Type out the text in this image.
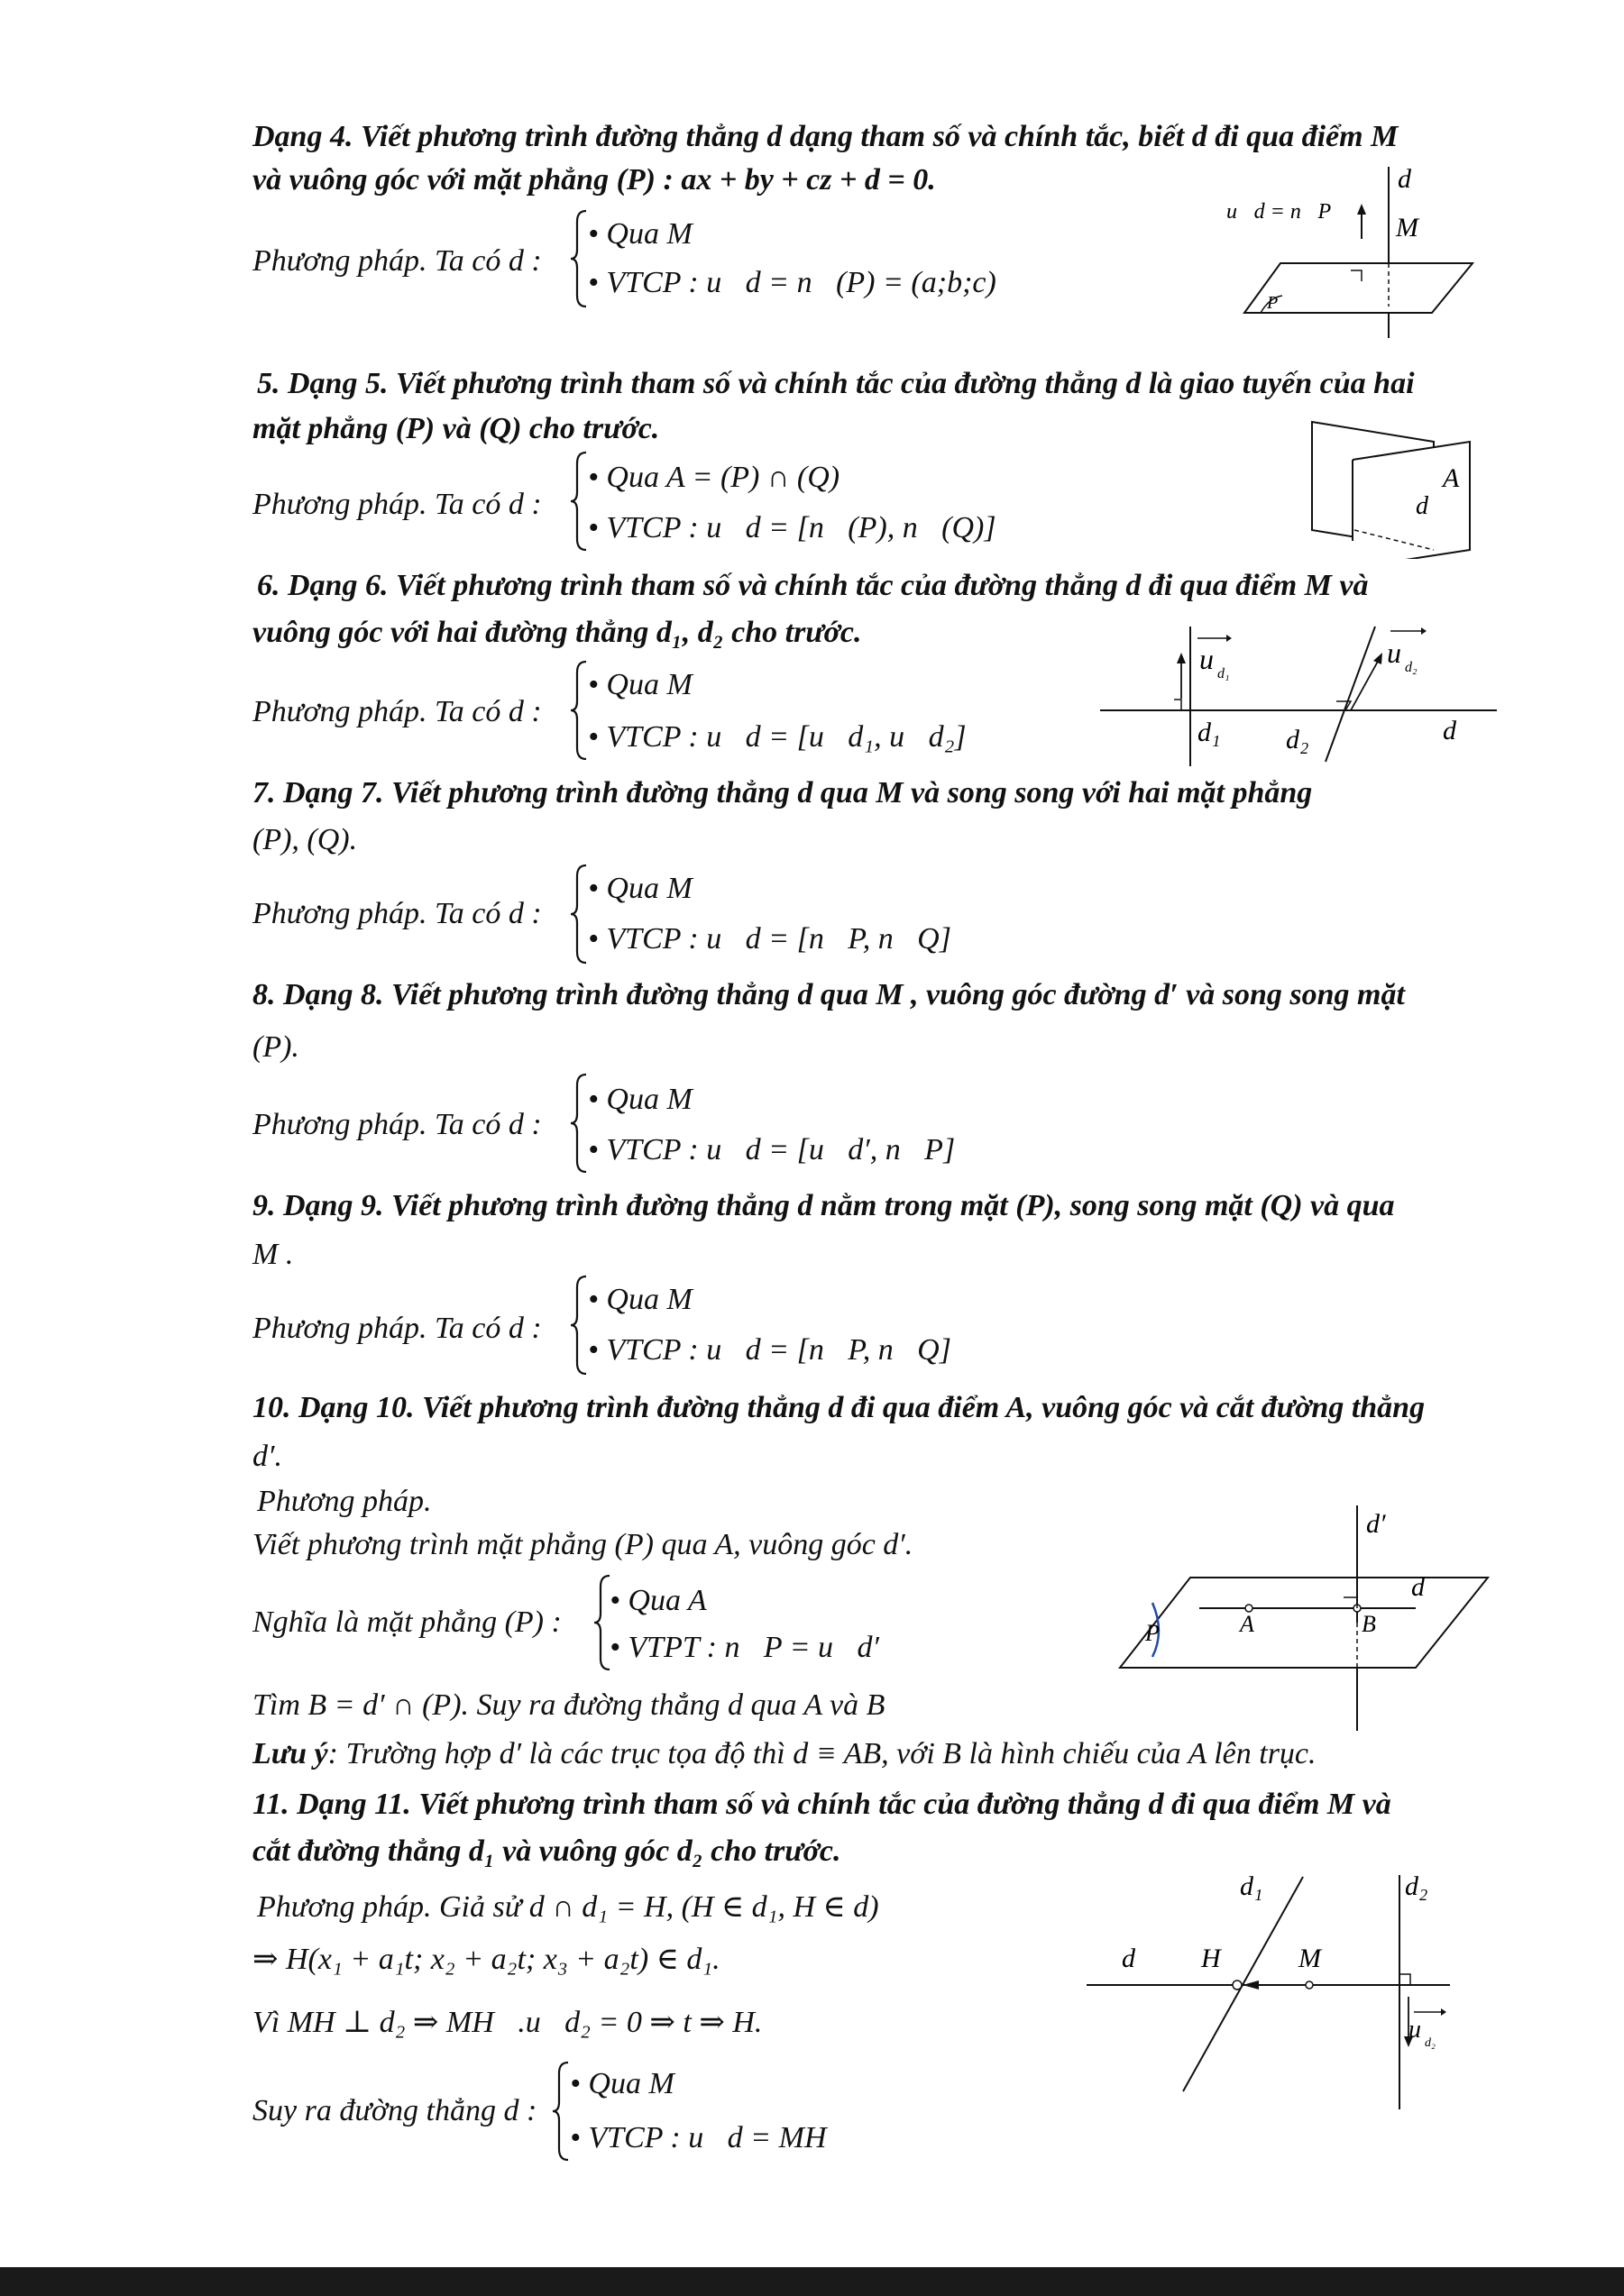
Dạng 4. Viết phương trình đường thẳng d dạng tham số và chính tắc, biết d đi qua điểm M
và vuông góc với mặt phẳng (P) : ax + by + cz + d = 0.
Phương pháp. Ta có d :
• Qua M
• VTCP : u⃗d = n⃗(P) = (a;b;c)
u⃗d = n⃗P
d
M
P
5. Dạng 5. Viết phương trình tham số và chính tắc của đường thẳng d là giao tuyến của hai
mặt phẳng (P) và (Q) cho trước.
Phương pháp. Ta có d :
• Qua A = (P) ∩ (Q)
• VTCP : u⃗d = [n⃗(P), n⃗(Q)]
A
d
6. Dạng 6. Viết phương trình tham số và chính tắc của đường thẳng d đi qua điểm M và
vuông góc với hai đường thẳng d₁, d₂ cho trước.
Phương pháp. Ta có d :
• Qua M
• VTCP : u⃗d = [u⃗d₁, u⃗d₂]
u d₁
u d₂
d₁ d₂	d
7. Dạng 7. Viết phương trình đường thẳng d qua M và song song với hai mặt phẳng
(P), (Q).
Phương pháp. Ta có d :
• Qua M
• VTCP : u⃗d = [n⃗P, n⃗Q]
8. Dạng 8. Viết phương trình đường thẳng d qua M , vuông góc đường d′ và song song mặt
(P).
Phương pháp. Ta có d :
• Qua M
• VTCP : u⃗d = [u⃗d′, n⃗P]
9. Dạng 9. Viết phương trình đường thẳng d nằm trong mặt (P), song song mặt (Q) và qua
M .
Phương pháp. Ta có d :
• Qua M
• VTCP : u⃗d = [n⃗P, n⃗Q]
10. Dạng 10. Viết phương trình đường thẳng d đi qua điểm A, vuông góc và cắt đường thẳng
d′.
Phương pháp.
Viết phương trình mặt phẳng (P) qua A, vuông góc d′.
Nghĩa là mặt phẳng (P) :
• Qua A
• VTPT : n⃗P = u⃗d′
Tìm B = d′ ∩ (P). Suy ra đường thẳng d qua A và B
Lưu ý: Trường hợp d′ là các trục tọa độ thì d ≡ AB, với B là hình chiếu của A lên trục.
d′
d
A	B
P
11. Dạng 11. Viết phương trình tham số và chính tắc của đường thẳng d đi qua điểm M và
cắt đường thẳng d₁ và vuông góc d₂ cho trước.
Phương pháp. Giả sử d ∩ d₁ = H, (H ∈ d₁, H ∈ d)
⇒ H(x₁ + a₁t; x₂ + a₂t; x₃ + a₂t) ∈ d₁.
Vì MH ⊥ d₂ ⇒ MH⃗.u⃗d₂ = 0 ⇒ t ⇒ H.
Suy ra đường thẳng d :
• Qua M
• VTCP : u⃗d = MH⃗
d₁	d₂
d H	M
u d₂
